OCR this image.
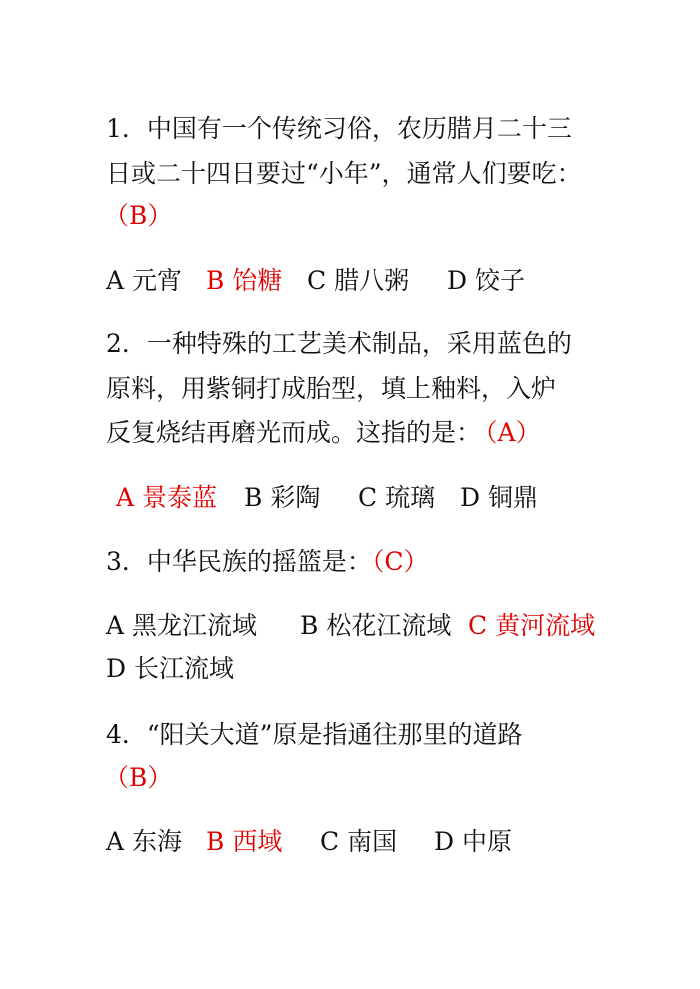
1．中国有一个传统习俗，农历腊月二十三
日或二十四日要过“小年”，通常人们要吃：
（B）
A 元宵 B 饴糖 C 腊八粥 D 饺子
2．一种特殊的工艺美术制品，采用蓝色的
原料，用紫铜打成胎型，填上釉料，入炉
反复烧结再磨光而成。这指的是： （A）
A 景泰蓝 B 彩陶 C 琉璃 D 铜鼎
3．中华民族的摇篮是：（C）
A 黑龙江流域 B 松花江流域 C 黄河流域
D 长江流域
4．“阳关大道”原是指通往那里的道路
（B）
A 东海 B 西域 C 南国 D 中原
